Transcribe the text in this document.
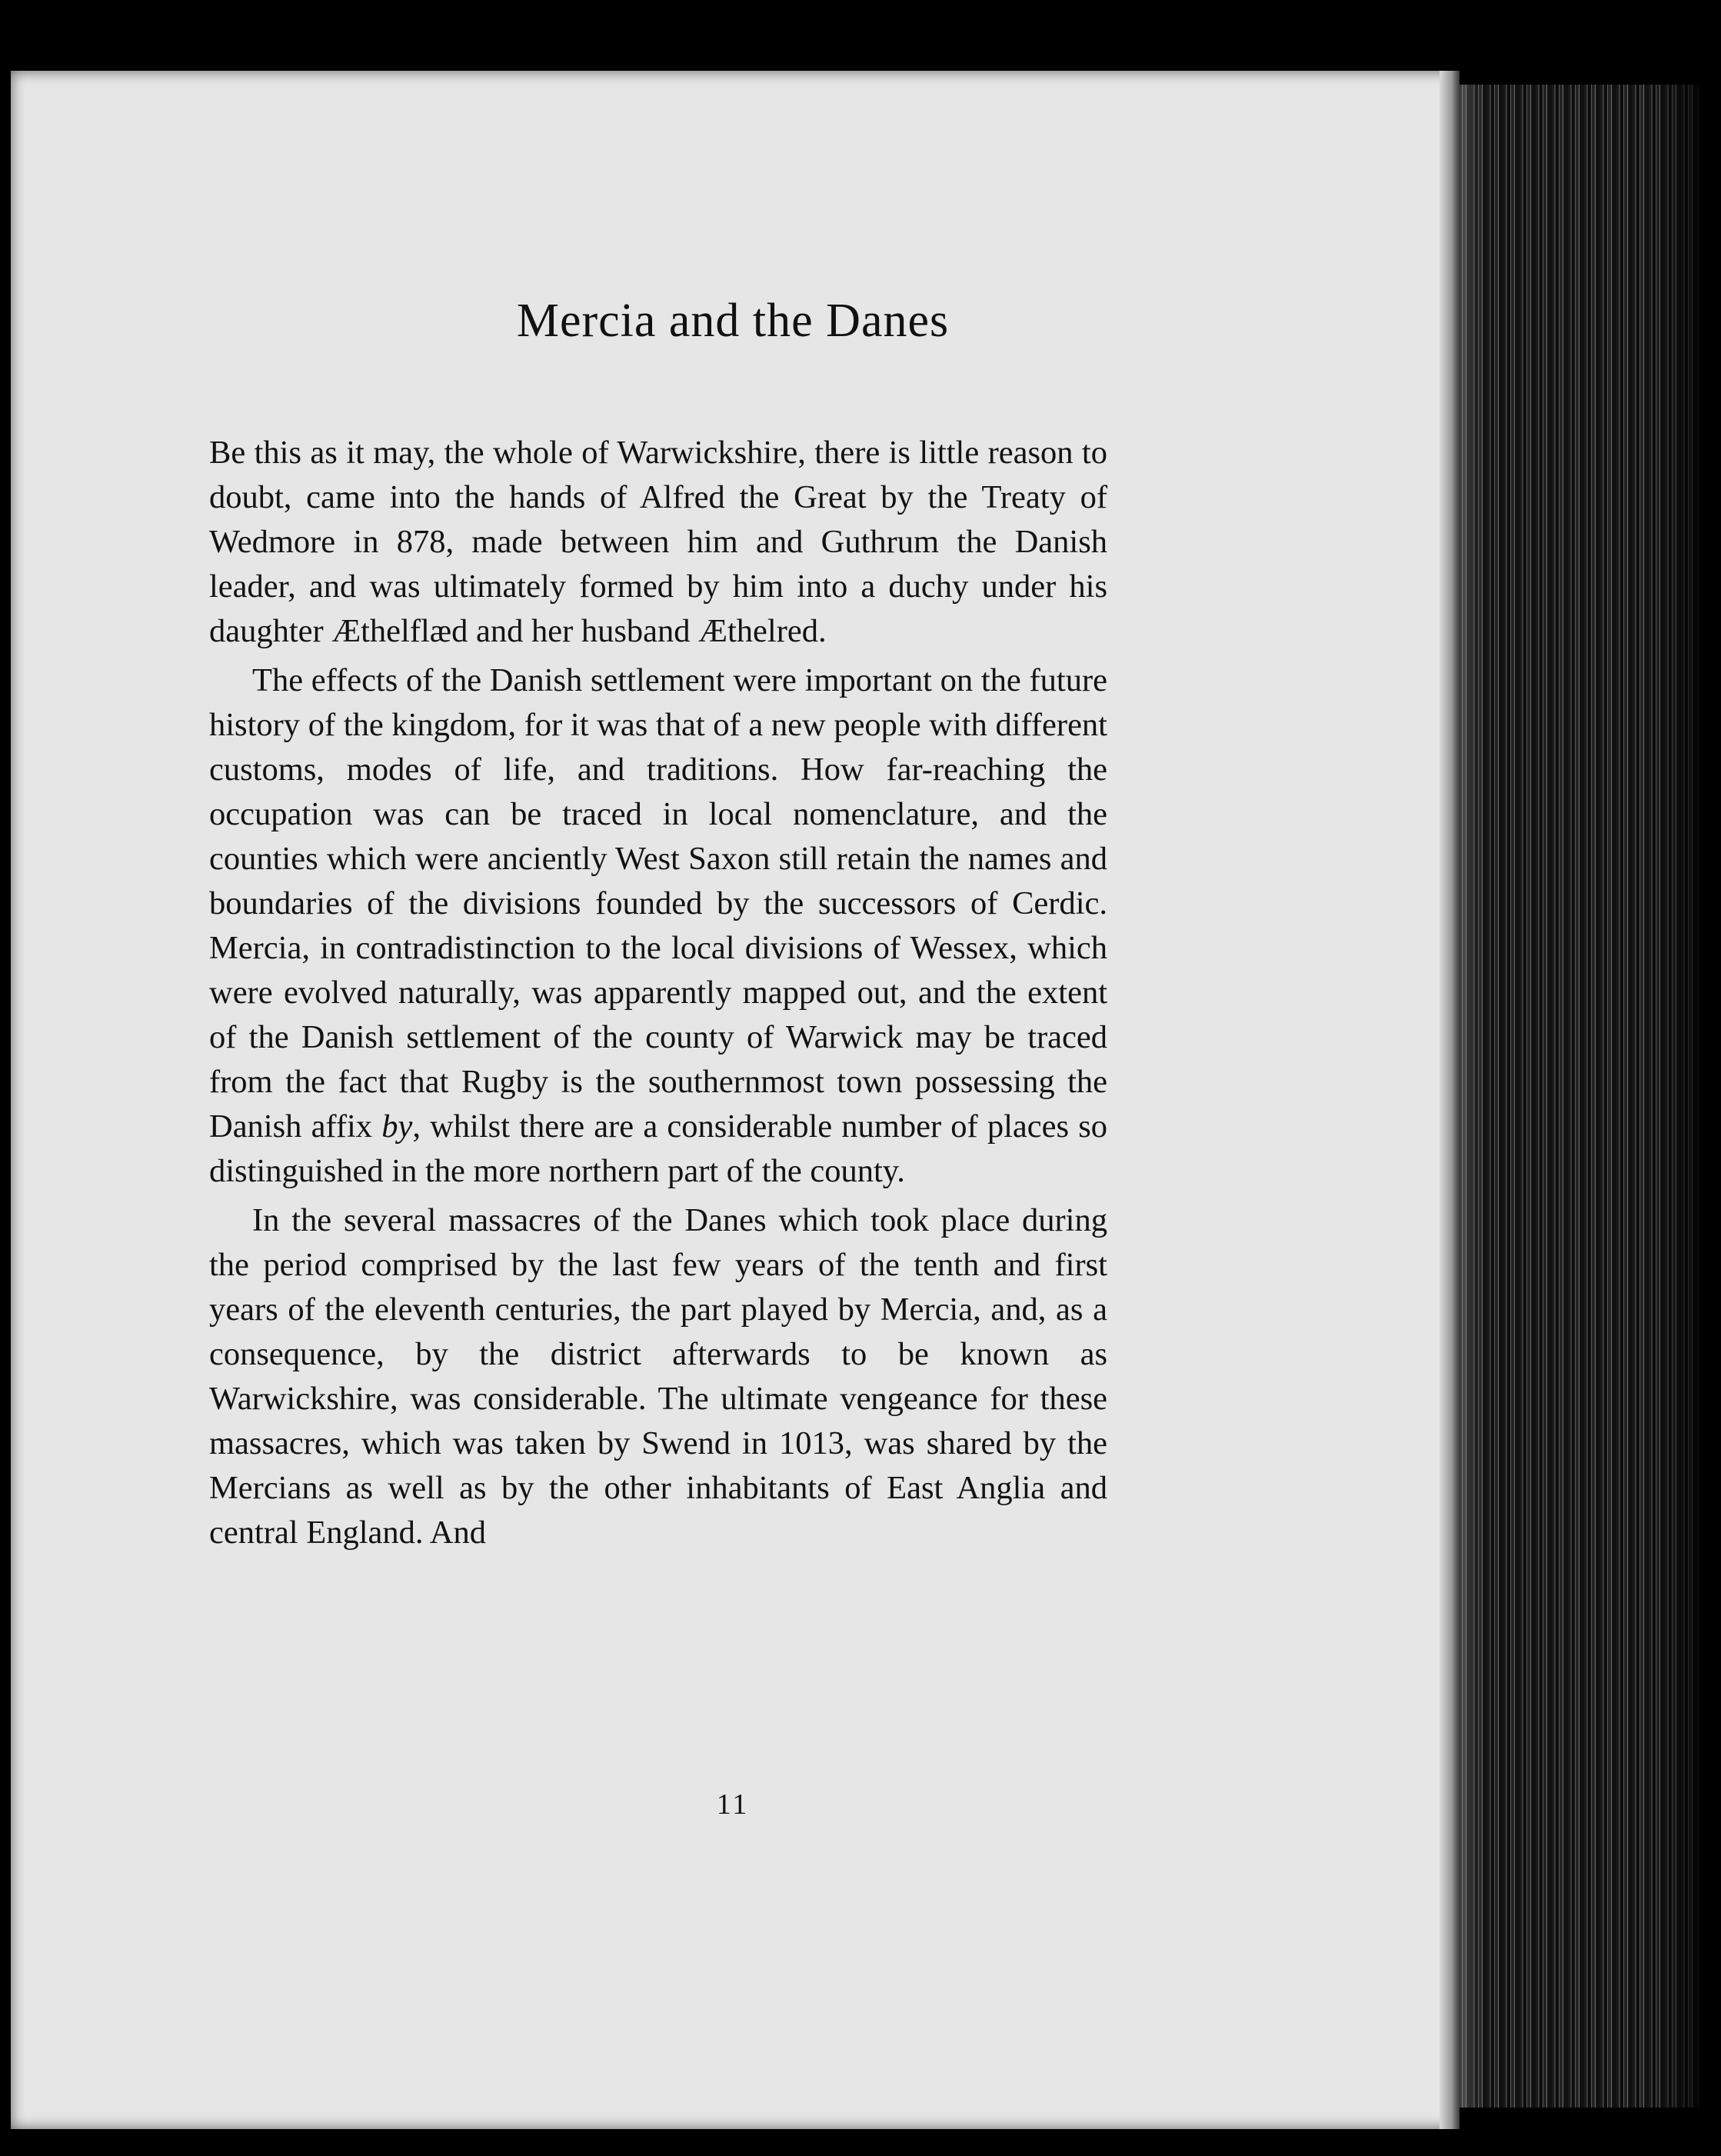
Mercia and the Danes

Be this as it may, the whole of Warwickshire, there is little reason to doubt, came into the hands of Alfred the Great by the Treaty of Wedmore in 878, made between him and Guthrum the Danish leader, and was ultimately formed by him into a duchy under his daughter Æthelflæd and her husband Æthelred.

The effects of the Danish settlement were important on the future history of the kingdom, for it was that of a new people with different customs, modes of life, and traditions. How far-reaching the occupation was can be traced in local nomenclature, and the counties which were anciently West Saxon still retain the names and boundaries of the divisions founded by the successors of Cerdic. Mercia, in contradistinction to the local divisions of Wessex, which were evolved naturally, was apparently mapped out, and the extent of the Danish settlement of the county of Warwick may be traced from the fact that Rugby is the southernmost town possessing the Danish affix by, whilst there are a considerable number of places so distinguished in the more northern part of the county.

In the several massacres of the Danes which took place during the period comprised by the last few years of the tenth and first years of the eleventh centuries, the part played by Mercia, and, as a consequence, by the district afterwards to be known as Warwickshire, was considerable. The ultimate vengeance for these massacres, which was taken by Swend in 1013, was shared by the Mercians as well as by the other inhabitants of East Anglia and central England. And

11
